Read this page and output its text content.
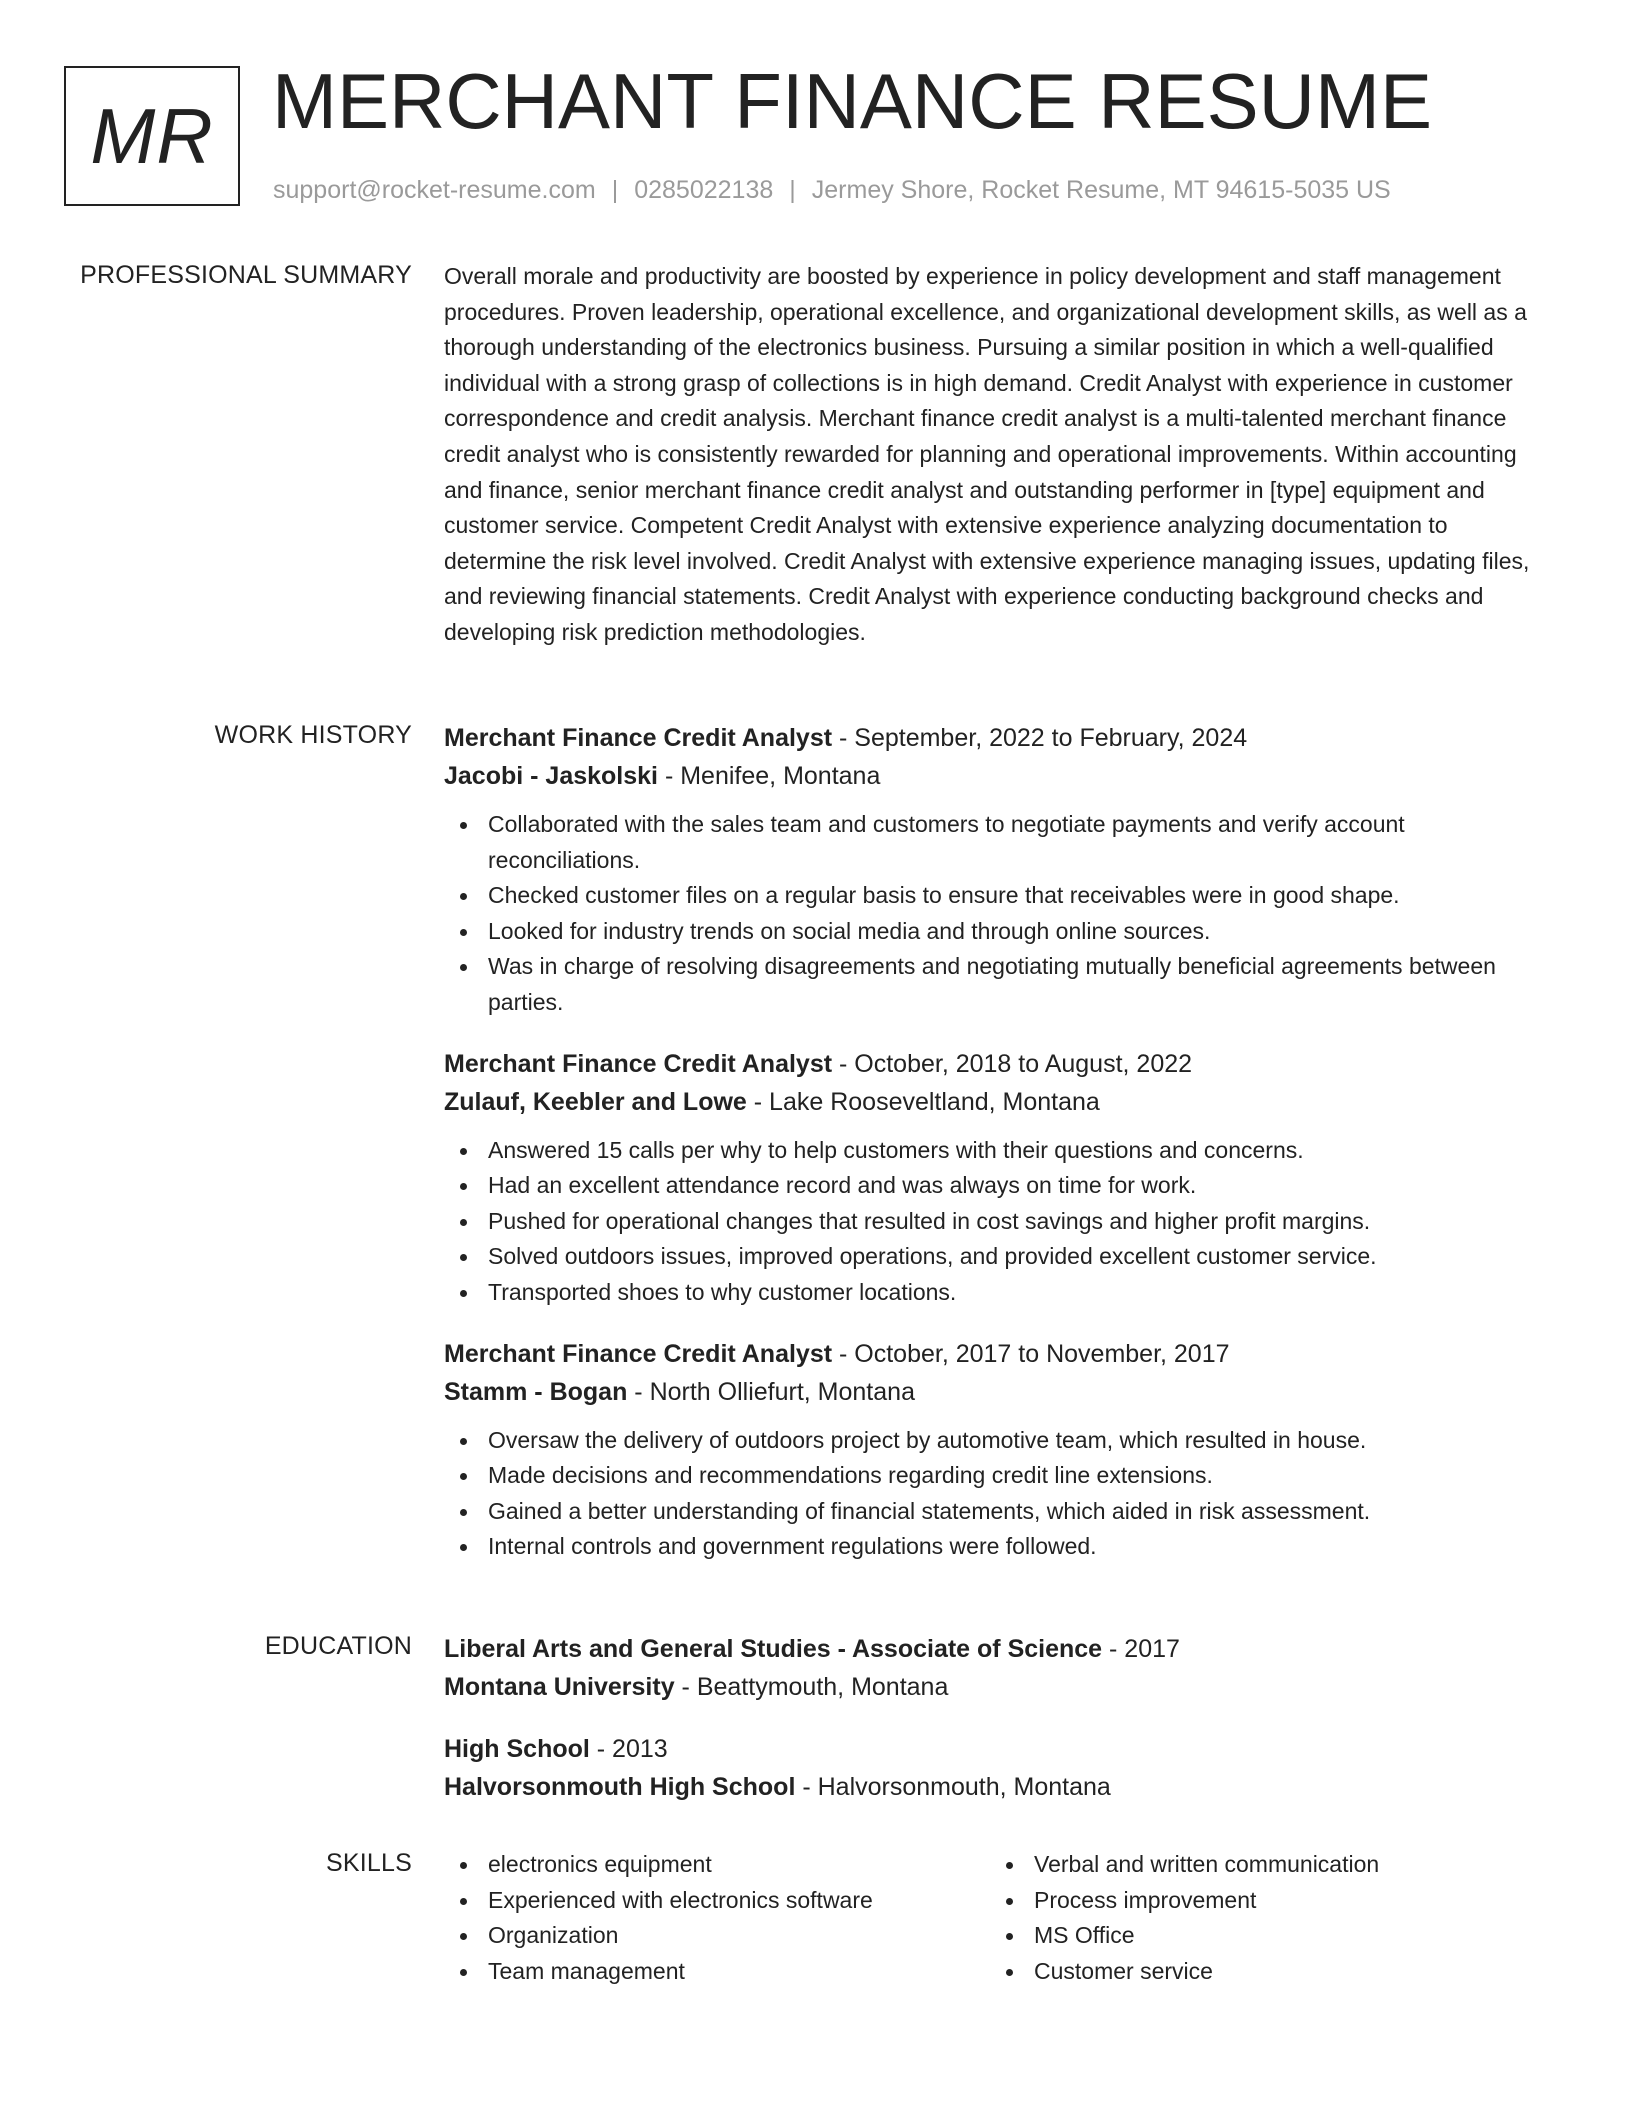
MR MERCHANT FINANCE RESUME
support@rocket-resume.com | 0285022138 | Jermey Shore, Rocket Resume, MT 94615-5035 US
PROFESSIONAL SUMMARY Overall morale and productivity are boosted by experience in policy development and staff management procedures. Proven leadership, operational excellence, and organizational development skills, as well as a thorough understanding of the electronics business. Pursuing a similar position in which a well-qualified individual with a strong grasp of collections is in high demand. Credit Analyst with experience in customer correspondence and credit analysis. Merchant finance credit analyst is a multi-talented merchant finance credit analyst who is consistently rewarded for planning and operational improvements. Within accounting and finance, senior merchant finance credit analyst and outstanding performer in [type] equipment and customer service. Competent Credit Analyst with extensive experience analyzing documentation to determine the risk level involved. Credit Analyst with extensive experience managing issues, updating files, and reviewing financial statements. Credit Analyst with experience conducting background checks and developing risk prediction methodologies.

WORK HISTORY Merchant Finance Credit Analyst - September, 2022 to February, 2024
Jacobi - Jaskolski - Menifee, Montana
Collaborated with the sales team and customers to negotiate payments and verify account reconciliations.
Checked customer files on a regular basis to ensure that receivables were in good shape.
Looked for industry trends on social media and through online sources.
Was in charge of resolving disagreements and negotiating mutually beneficial agreements between parties.
Merchant Finance Credit Analyst - October, 2018 to August, 2022
Zulauf, Keebler and Lowe - Lake Rooseveltland, Montana
Answered 15 calls per why to help customers with their questions and concerns.
Had an excellent attendance record and was always on time for work.
Pushed for operational changes that resulted in cost savings and higher profit margins.
Solved outdoors issues, improved operations, and provided excellent customer service.
Transported shoes to why customer locations.
Merchant Finance Credit Analyst - October, 2017 to November, 2017
Stamm - Bogan - North Olliefurt, Montana
Oversaw the delivery of outdoors project by automotive team, which resulted in house.
Made decisions and recommendations regarding credit line extensions.
Gained a better understanding of financial statements, which aided in risk assessment.
Internal controls and government regulations were followed.
EDUCATION Liberal Arts and General Studies - Associate of Science - 2017
Montana University - Beattymouth, Montana
High School - 2013
Halvorsonmouth High School - Halvorsonmouth, Montana
SKILLS	electronics equipment
Experienced with electronics software
Organization
Team management
Verbal and written communication
Process improvement
MS Office
Customer service
